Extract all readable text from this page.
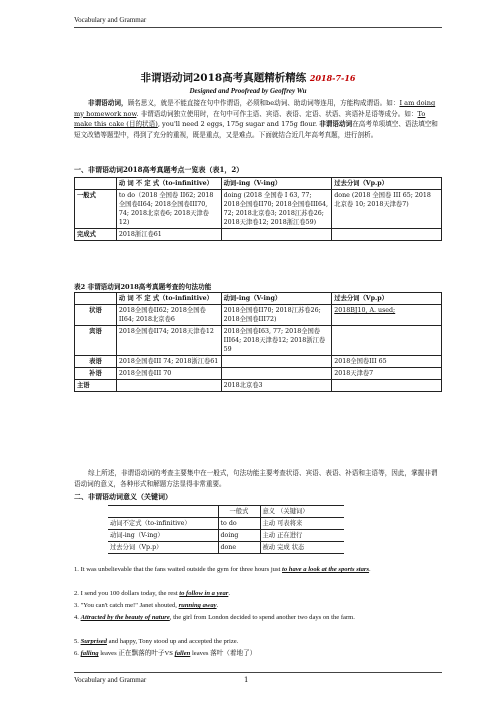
Vocabulary and Grammar
非谓语动词2018高考真题精析精练 2018-7-16
Designed and Proofread by Geoffrey Wu
非谓语动词，顾名思义，就是不能直接在句中作谓语，必须和be动词、助动词等连用，方能构成谓语。如：I am doing my homework now. 非谓语动词独立使用时，在句中可作主语、宾语、表语、定语、状语、宾语补足语等成分。如：To make this cake (目的状语), you'll need 2 eggs, 175g sugar and 175g flour. 非谓语动词在高考单项填空、语法填空和短文改错等题型中，得到了充分的重视，既是重点，又是难点。下面就结合近几年高考真题，进行剖析。
一、非谓语动词2018高考真题考点一览表（表1，2）
	动 词 不 定 式（to-infinitive）	动词-ing（V-ing）	过去分词（Vp.p）
一般式	to do（2018 全国卷 II62; 2018全国卷II64; 2018全国卷III70, 74; 2018北京卷6; 2018天津卷12)	doing (2018 全国卷 I 63, 77; 2018全国卷II70; 2018全国卷III64, 72; 2018北京卷3; 2018江苏卷26; 2018天津卷12; 2018浙江卷59)	done (2018 全国卷 III 65; 2018 北京卷 10; 2018天津卷7)
完成式	2018浙江卷61		
表2 非谓语动词2018高考真题考查的句法功能
	动 词 不 定 式（to-infinitive）	动词-ing（V-ing）	过去分词（Vp.p）
状语	2018全国卷II62; 2018全国卷II64; 2018北京卷6	2018全国卷II70; 2018江苏卷26; 2018全国卷III72)	2018BJ10, A. used;
宾语	2018全国卷II74; 2018天津卷12	2018全国卷I63, 77; 2018全国卷III64; 2018天津卷12; 2018浙江卷59	
表语	2018全国卷III 74; 2018浙江卷61		2018全国卷III 65
补语	2018全国卷III 70		2018天津卷7
主语		2018北京卷3	
综上所述，非谓语动词的考查主要集中在一般式，句法功能主要考查状语、宾语、表语、补语和主语等，因此，掌握非谓语动词的意义，各种形式和解题方法显得非常重要。
二、非谓语动词意义（关键词）
	一般式	意义 （关键词）
动词不定式（to-infinitive）	to do	主动 可表将来
动词-ing（V-ing）	doing	主动 正在进行
过去分词（Vp.p）	done	被动 完成 状态
1. It was unbelievable that the fans waited outside the gym for three hours just to have a look at the sports stars.
2. I send you 100 dollars today, the rest to follow in a year.
3. "You can't catch me!" Janet shouted, running away.
4. Attracted by the beauty of nature, the girl from London decided to spend another two days on the farm.
5. Surprised and happy, Tony stood up and accepted the prize.
6. falling leaves 正在飘落的叶子VS fallen leaves 落叶（着地了）
Vocabulary and Grammar	1
